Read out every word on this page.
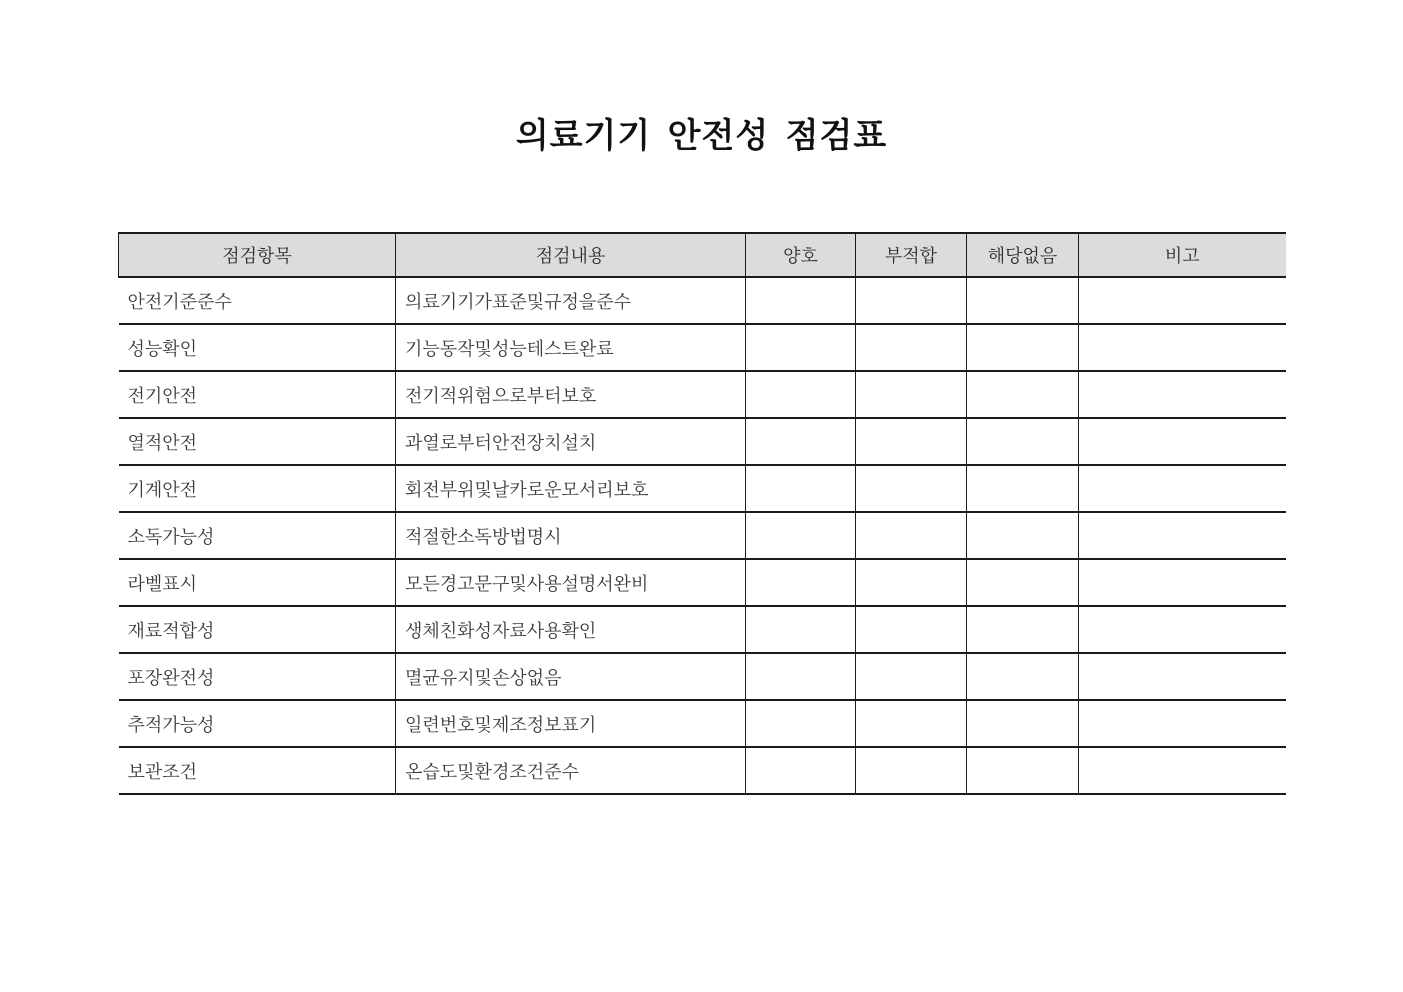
의료기기 안전성 점검표
점검항목	점검내용	양호	부적합	해당없음	비고
안전기준준수	의료기기가표준및규정을준수				
성능확인	기능동작및성능테스트완료				
전기안전	전기적위험으로부터보호				
열적안전	과열로부터안전장치설치				
기계안전	회전부위및날카로운모서리보호				
소독가능성	적절한소독방법명시				
라벨표시	모든경고문구및사용설명서완비				
재료적합성	생체친화성자료사용확인				
포장완전성	멸균유지및손상없음				
추적가능성	일련번호및제조정보표기				
보관조건	온습도및환경조건준수				
